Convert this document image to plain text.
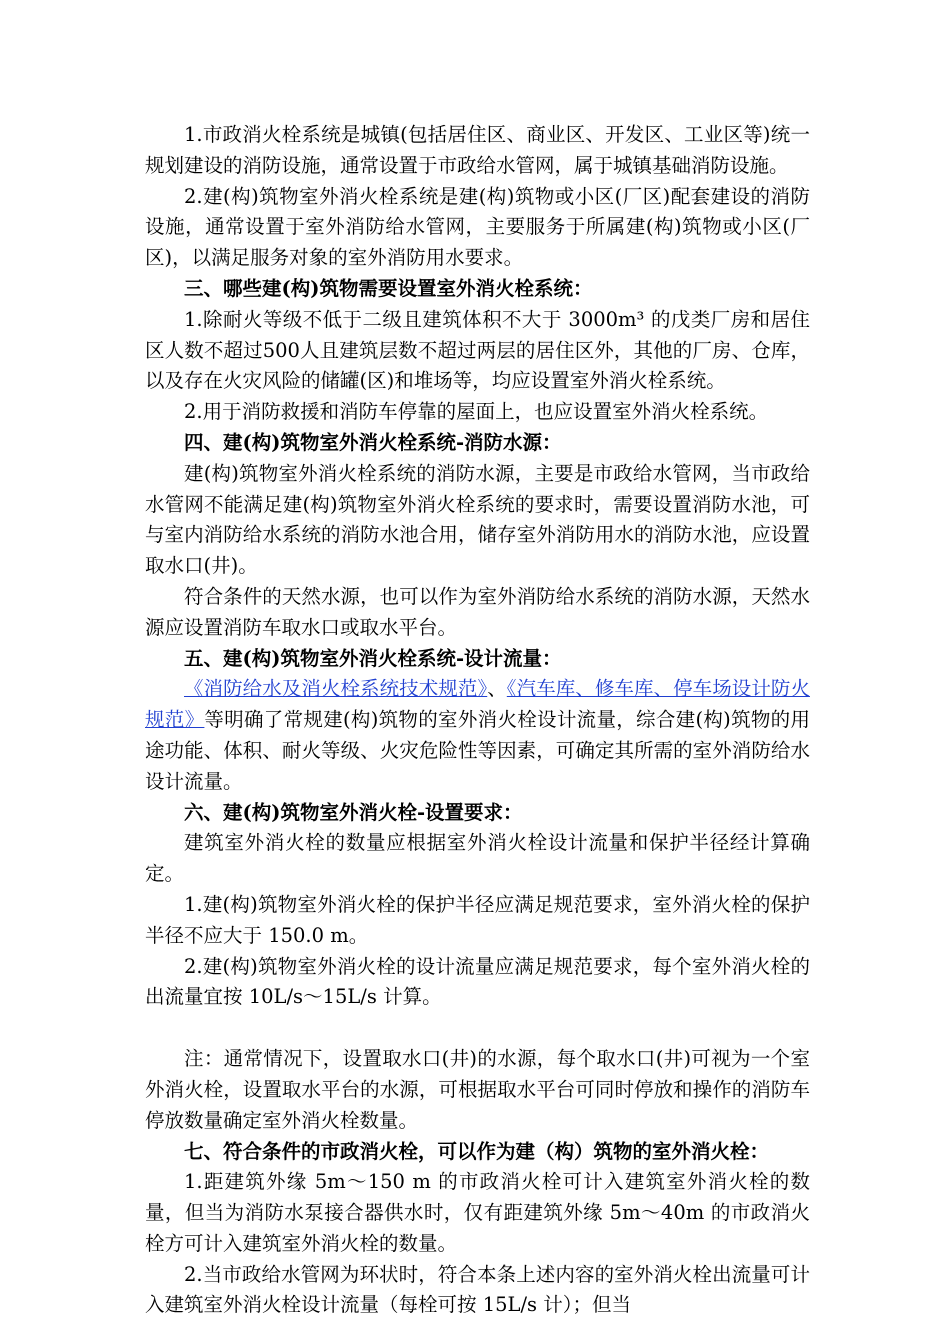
1.市政消火栓系统是城镇(包括居住区、商业区、开发区、工业区等)统一规划建设的消防设施，通常设置于市政给水管网，属于城镇基础消防设施。

2.建(构)筑物室外消火栓系统是建(构)筑物或小区(厂区)配套建设的消防设施，通常设置于室外消防给水管网，主要服务于所属建(构)筑物或小区(厂区)，以满足服务对象的室外消防用水要求。

三、哪些建(构)筑物需要设置室外消火栓系统：

1.除耐火等级不低于二级且建筑体积不大于 3000m³ 的戊类厂房和居住区人数不超过500人且建筑层数不超过两层的居住区外，其他的厂房、仓库，以及存在火灾风险的储罐(区)和堆场等，均应设置室外消火栓系统。

2.用于消防救援和消防车停靠的屋面上，也应设置室外消火栓系统。

四、建(构)筑物室外消火栓系统-消防水源：

建(构)筑物室外消火栓系统的消防水源，主要是市政给水管网，当市政给水管网不能满足建(构)筑物室外消火栓系统的要求时，需要设置消防水池，可与室内消防给水系统的消防水池合用，储存室外消防用水的消防水池，应设置取水口(井)。

符合条件的天然水源，也可以作为室外消防给水系统的消防水源，天然水源应设置消防车取水口或取水平台。

五、建(构)筑物室外消火栓系统-设计流量：

《消防给水及消火栓系统技术规范》、《汽车库、修车库、停车场设计防火规范》等明确了常规建(构)筑物的室外消火栓设计流量，综合建(构)筑物的用途功能、体积、耐火等级、火灾危险性等因素，可确定其所需的室外消防给水设计流量。

六、建(构)筑物室外消火栓-设置要求：

建筑室外消火栓的数量应根据室外消火栓设计流量和保护半径经计算确定。

1.建(构)筑物室外消火栓的保护半径应满足规范要求，室外消火栓的保护半径不应大于 150.0 m。

2.建(构)筑物室外消火栓的设计流量应满足规范要求，每个室外消火栓的出流量宜按 10L/s～15L/s 计算。

注：通常情况下，设置取水口(井)的水源，每个取水口(井)可视为一个室外消火栓，设置取水平台的水源，可根据取水平台可同时停放和操作的消防车停放数量确定室外消火栓数量。

七、符合条件的市政消火栓，可以作为建（构）筑物的室外消火栓：

1.距建筑外缘 5m～150 m 的市政消火栓可计入建筑室外消火栓的数量，但当为消防水泵接合器供水时，仅有距建筑外缘 5m～40m 的市政消火栓方可计入建筑室外消火栓的数量。

2.当市政给水管网为环状时，符合本条上述内容的室外消火栓出流量可计入建筑室外消火栓设计流量（每栓可按 15L/s 计）；但当
